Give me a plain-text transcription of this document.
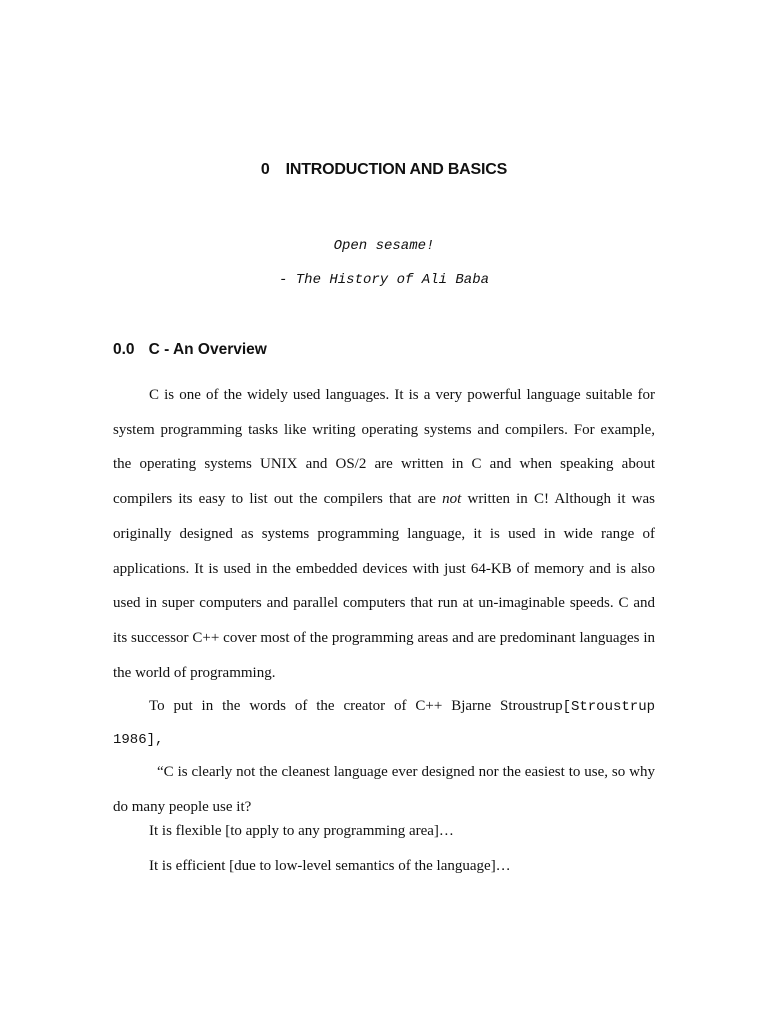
0 INTRODUCTION AND BASICS

Open sesame!

- The History of Ali Baba

0.0 C - An Overview

C is one of the widely used languages. It is a very powerful language suitable for system programming tasks like writing operating systems and compilers. For example, the operating systems UNIX and OS/2 are written in C and when speaking about compilers its easy to list out the compilers that are not written in C! Although it was originally designed as systems programming language, it is used in wide range of applications. It is used in the embedded devices with just 64-KB of memory and is also used in super computers and parallel computers that run at un-imaginable speeds. C and its successor C++ cover most of the programming areas and are predominant languages in the world of programming.

To put in the words of the creator of C++ Bjarne Stroustrup[Stroustrup 1986],

“C is clearly not the cleanest language ever designed nor the easiest to use, so why do many people use it?

It is flexible [to apply to any programming area]…

It is efficient [due to low-level semantics of the language]…
